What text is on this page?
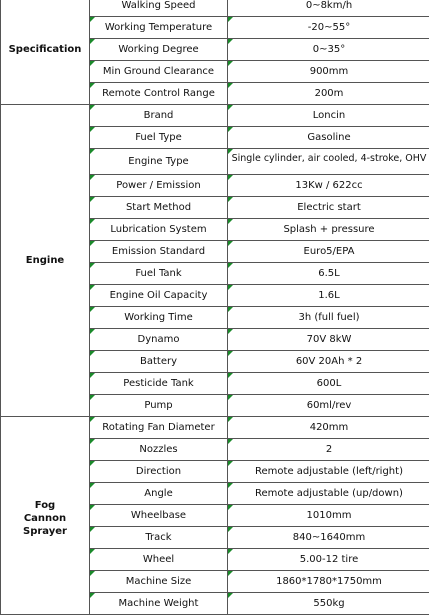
Specification	Walking Speed	0~8km/h
	Working Temperature	-20~55°
	Working Degree	0~35°
	Min Ground Clearance	900mm
	Remote Control Range	200m

Engine	Brand	Loncin
	Fuel Type	Gasoline
	Engine Type	Single cylinder, air cooled, 4-stroke, OHV

	Power / Emission	13Kw / 622cc
	Start Method	Electric start
	Lubrication System	Splash + pressure
	Emission Standard	Euro5/EPA
	Fuel Tank	6.5L
	Engine Oil Capacity	1.6L
	Working Time	3h (full fuel)
	Dynamo	70V 8kW
	Battery	60V 20Ah * 2
	Pesticide Tank	600L
	Pump	60ml/rev

Fog Cannon Sprayer	Rotating Fan Diameter	420mm
	Nozzles	2
	Direction	Remote adjustable (left/right)
	Angle	Remote adjustable (up/down)
	Wheelbase	1010mm
	Track	840~1640mm
	Wheel	5.00-12 tire
	Machine Size	1860*1780*1750mm
	Machine Weight	550kg
